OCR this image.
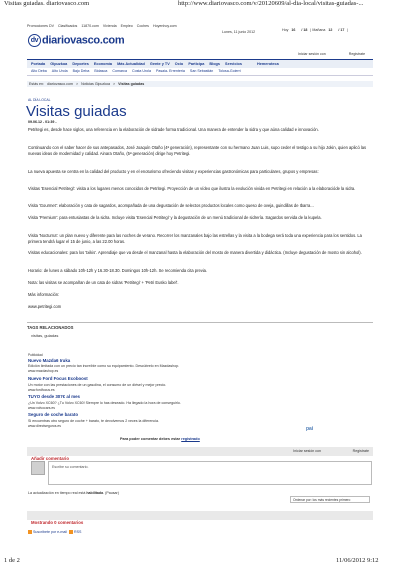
Visitas guiadas. diariovasco.com	http://www.diariovasco.com/v/20120609/al-dia-local/visitas-guiadas-...
Promociones DV Clasificados 11870.com Vivienda Empleo Coches Hoyenhoy.com
dv diariovasco.com
Lunes, 11 junio 2012	Hoy 16 / 18 | Mañana 12 / 17 |
Iniciar sesión con	Registrate
Portada Gipuzkoa Deportes Economía Más Actualidad Gente y TV Ocio Participa Blogs Servicios	Hemeroteca
Alto Deba Alto Urola Bajo Deba Bidasoa Comarca Costa Urola Pasaia- Errenteria San Sebastián Tolosa-Goierri
Estás en: diariovasco.com > Noticias Gipuzkoa > Visitas guiadas
AL DÍA LOCAL
Visitas guiadas
09.06.12 - 01:39 -
Petritegi es, desde hace siglos, una referencia en la elaboración de sidrade forma tradicional. Una manera de entender la sidra y que aúna calidad e innovación.
Continuando con el saber hacer de sus antepasados, José Joaquín Otaño (4ª generación), representante con su hermano Juan Luis, supo ceder el testigo a su hijo Jokin, quien aplicó las nuevas ideas de modernidad y calidad. Ainara Otaño, (5ª generación) dirige hoy Petritegi.
La nueva apuesta se centra en la calidad del producto y en el enoturismo ofreciendo visitas y experiencias gastronómicas para particulares, grupos y empresas:
Visitas 'Esencial Petritegi': visita a los lugares menos conocidos de Petritegi. Proyección de un vídeo que ilustra la evolución vivida en Petritegi en relación a la elaboracióde la sidra.
Visita 'Gourmet': elaboración y cata de sagardos, acompañada de una degustación de selectos productos locales como queso de oveja, guindillas de Ibarra...
Visita 'Premium': para entusiastas de la sidra. Incluye visita 'Esencial Petritegi' y la degustación de un menú tradicional de sidrería. Sagardos servida de la kupela.
Visita 'Nocturna': un plan nuevo y diferente para las noches de verano. Recorrer los manzanales bajo las estrellas y la visita a la bodega será toda una experiencia para los sentidos. La primera tendrá lugar el 15 de junio, a las 22.00 horas.
Visitas educacionales: para los 'txikis'. Aprendiaje que va desde el manzanal hasta la elaboración del mosto de manera divertida y didáctica. (Incluye degustación de mosto sin alcohol).
Horario: de lunes a sábado 10h-12h y 16.30-18.30. Domingos 10h-12h. Se recomienda cita previa.
Nota: las visitas se acompañan de un cata de sidras 'Petritegi' + 'Petri Eusko label'.
Más información:
www.petritegi.com
TAGS RELACIONADOS
visitas, guiadas
Publicidad
Nuevo Mazda6 Iruka
Edición limitada con un precio tan increíble como su equipamiento. Descúbrelo en Mazdashop.
www.mazdashop.es
Nuevo Ford Focus Ecoboost
Un motor con las prestaciones de un gasolina, el consumo de un diésel y mejor precio.
www.fordfocus.es
TUYO desde 307€ al mes
¿Un Volvo XC60? ¿Tu Volvo XC60! Siempre lo has deseado. Ha llegado la hora de conseguirlo.
www.volvocars.es
Seguro de coche barato
Si encuentras otro seguro de coche + barato, te devolvemos 2 veces la diferencia.
www.directseguros.es	pai
Para poder comentar debes estar registrado
Añadir comentario
Iniciar sesión con	Registrate
Escribe su comentario.
La actualización en tiempo real está habilitada. (Pausar)
Ordenar por: los más recientes primero
Mostrando 0 comentarios
Suscribete por e-mail RSS
1 de 2	11/06/2012 9:12
